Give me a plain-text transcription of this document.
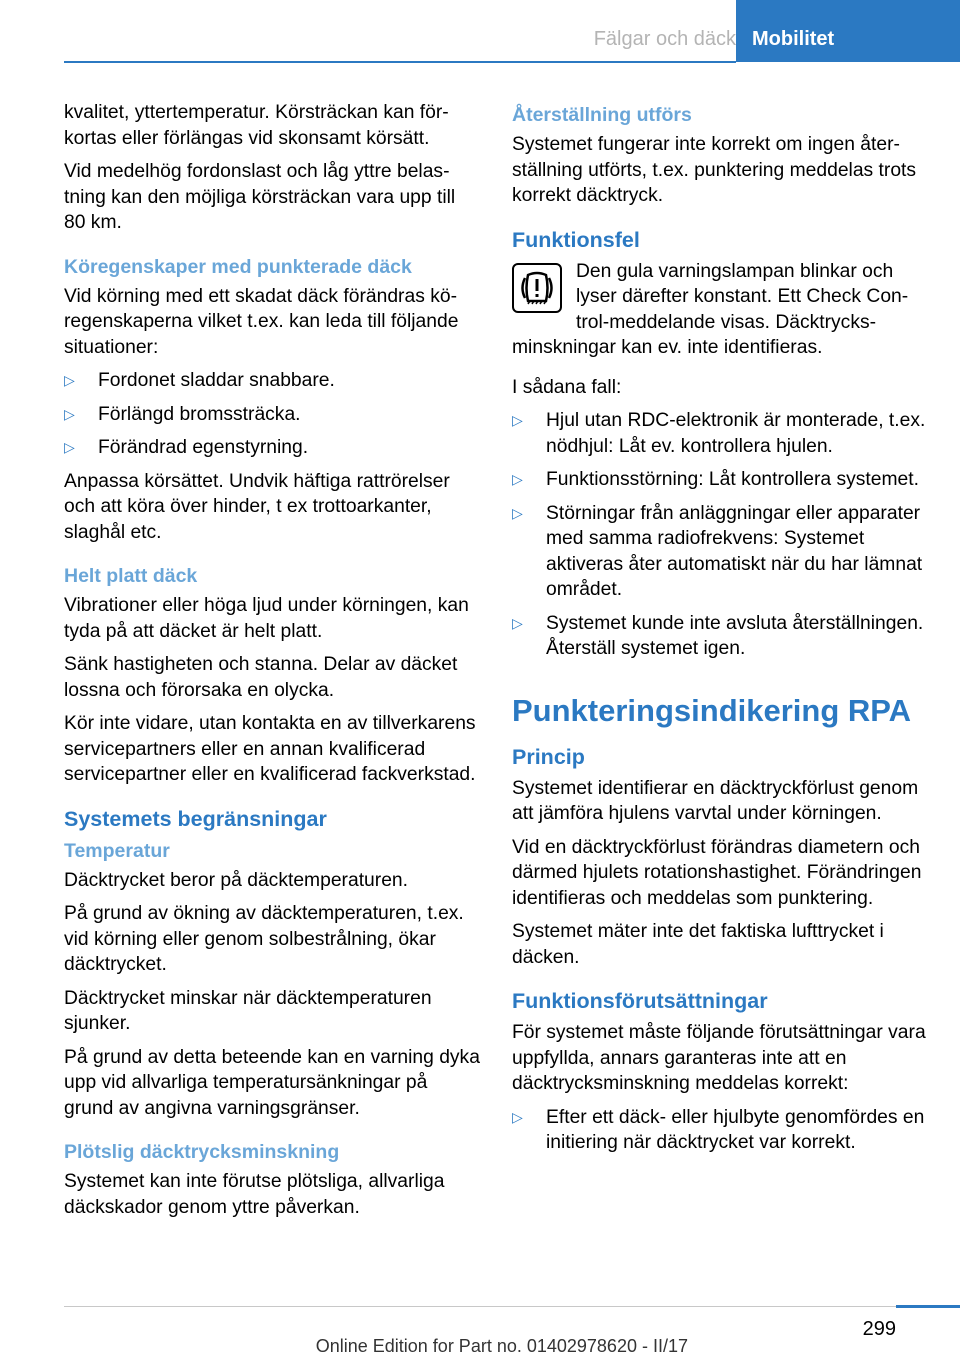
Fälgar och däck Mobilitet

kvalitet, yttertemperatur. Körsträckan kan förkortas eller förlängas vid skonsamt körsätt.

Vid medelhög fordonslast och låg yttre belastning kan den möjliga körsträckan vara upp till 80 km.

Köregenskaper med punkterade däck

Vid körning med ett skadat däck förändras köregenskaperna vilket t.ex. kan leda till följande situationer:

▷ Fordonet sladdar snabbare.
▷ Förlängd bromssträcka.
▷ Förändrad egenstyrning.

Anpassa körsättet. Undvik häftiga rattrörelser och att köra över hinder, t ex trottoarkanter, slaghål etc.

Helt platt däck

Vibrationer eller höga ljud under körningen, kan tyda på att däcket är helt platt.

Sänk hastigheten och stanna. Delar av däcket lossna och förorsaka en olycka.

Kör inte vidare, utan kontakta en av tillverkarens servicepartners eller en annan kvalificerad servicepartner eller en kvalificerad fackverkstad.

Systemets begränsningar
Temperatur

Däcktrycket beror på däcktemperaturen.

På grund av ökning av däcktemperaturen, t.ex. vid körning eller genom solbestrålning, ökar däcktrycket.

Däcktrycket minskar när däcktemperaturen sjunker.

På grund av detta beteende kan en varning dyka upp vid allvarliga temperatursänkningar på grund av angivna varningsgränser.

Plötslig däcktrycksminskning

Systemet kan inte förutse plötsliga, allvarliga däckskador genom yttre påverkan.

Återställning utförs

Systemet fungerar inte korrekt om ingen återställning utförts, t.ex. punktering meddelas trots korrekt däcktryck.

Funktionsfel

Den gula varningslampan blinkar och lyser därefter konstant. Ett Check Control-meddelande visas. Däcktrycksminskningar kan ev. inte identifieras.

I sådana fall:

▷ Hjul utan RDC-elektronik är monterade, t.ex. nödhjul: Låt ev. kontrollera hjulen.
▷ Funktionsstörning: Låt kontrollera systemet.
▷ Störningar från anläggningar eller apparater med samma radiofrekvens: Systemet aktiveras åter automatiskt när du har lämnat området.
▷ Systemet kunde inte avsluta återställningen. Återställ systemet igen.
Punkteringsindikering RPA
Princip

Systemet identifierar en däcktryckförlust genom att jämföra hjulens varvtal under körningen.

Vid en däcktryckförlust förändras diametern och därmed hjulets rotationshastighet. Förändringen identifieras och meddelas som punktering.

Systemet mäter inte det faktiska lufttrycket i däcken.

Funktionsförutsättningar

För systemet måste följande förutsättningar vara uppfyllda, annars garanteras inte att en däcktrycksminskning meddelas korrekt:

▷ Efter ett däck- eller hjulbyte genomfördes en initiering när däcktrycket var korrekt.
299
Online Edition for Part no. 01402978620 - II/17
